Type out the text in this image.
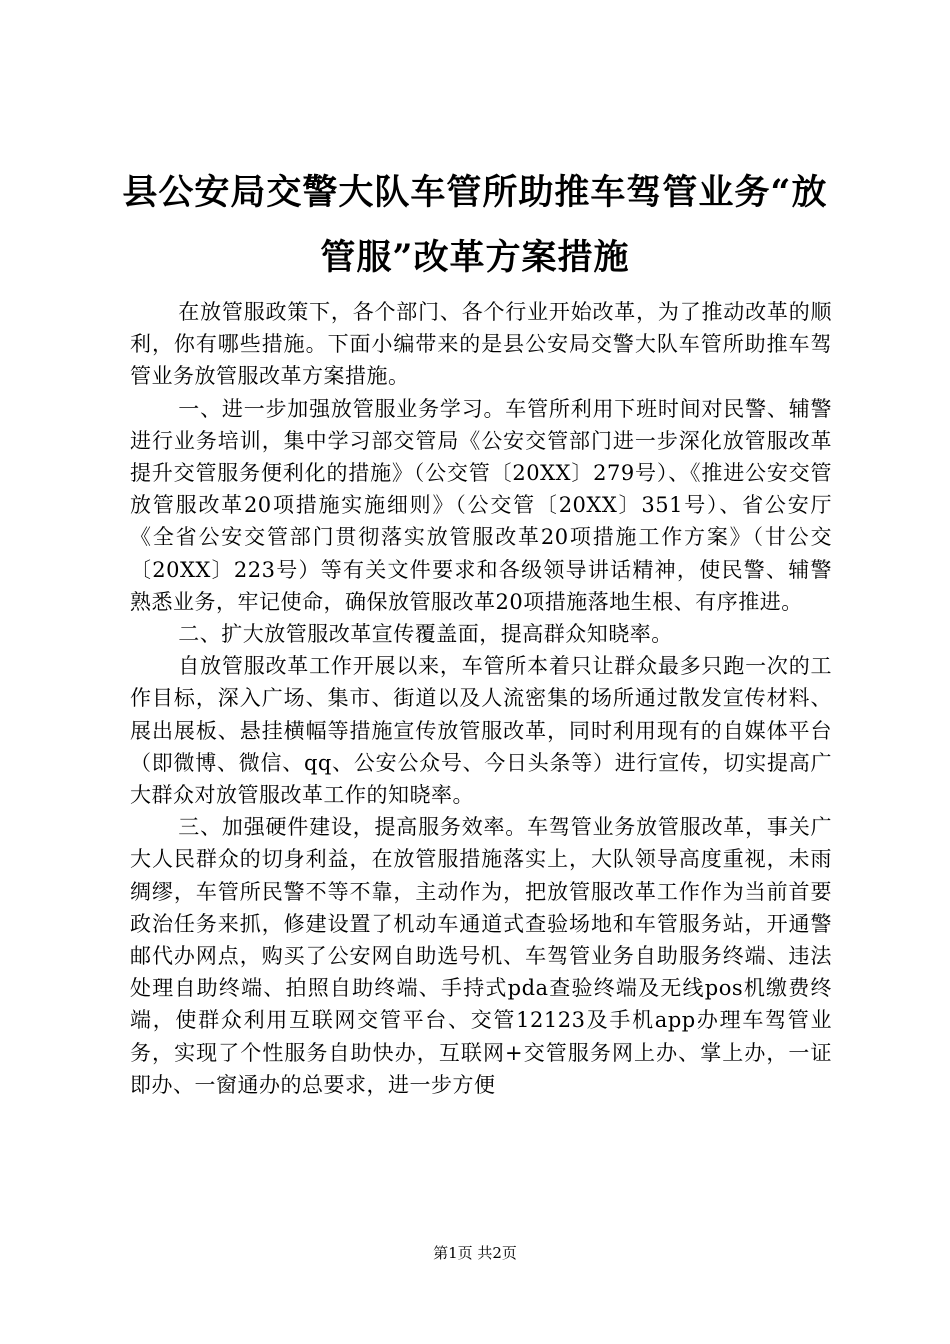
县公安局交警大队车管所助推车驾管业务“放管服”改革方案措施

在放管服政策下，各个部门、各个行业开始改革，为了推动改革的顺利，你有哪些措施。下面小编带来的是县公安局交警大队车管所助推车驾管业务放管服改革方案措施。

一、进一步加强放管服业务学习。车管所利用下班时间对民警、辅警进行业务培训，集中学习部交管局《公安交管部门进一步深化放管服改革提升交管服务便利化的措施》（公交管〔20XX〕279号）、《推进公安交管放管服改革20项措施实施细则》（公交管〔20XX〕351号）、省公安厅《全省公安交管部门贯彻落实放管服改革20项措施工作方案》（甘公交〔20XX〕223号）等有关文件要求和各级领导讲话精神，使民警、辅警熟悉业务，牢记使命，确保放管服改革20项措施落地生根、有序推进。

二、扩大放管服改革宣传覆盖面，提高群众知晓率。

自放管服改革工作开展以来，车管所本着只让群众最多只跑一次的工作目标，深入广场、集市、街道以及人流密集的场所通过散发宣传材料、展出展板、悬挂横幅等措施宣传放管服改革，同时利用现有的自媒体平台（即微博、微信、qq、公安公众号、今日头条等）进行宣传，切实提高广大群众对放管服改革工作的知晓率。

三、加强硬件建设，提高服务效率。车驾管业务放管服改革，事关广大人民群众的切身利益，在放管服措施落实上，大队领导高度重视，未雨绸缪，车管所民警不等不靠，主动作为，把放管服改革工作作为当前首要政治任务来抓，修建设置了机动车通道式查验场地和车管服务站，开通警邮代办网点，购买了公安网自助选号机、车驾管业务自助服务终端、违法处理自助终端、拍照自助终端、手持式pda查验终端及无线pos机缴费终端，使群众利用互联网交管平台、交管12123及手机app办理车驾管业务，实现了个性服务自助快办，互联网+交管服务网上办、掌上办，一证即办、一窗通办的总要求，进一步方便

第1页 共2页
